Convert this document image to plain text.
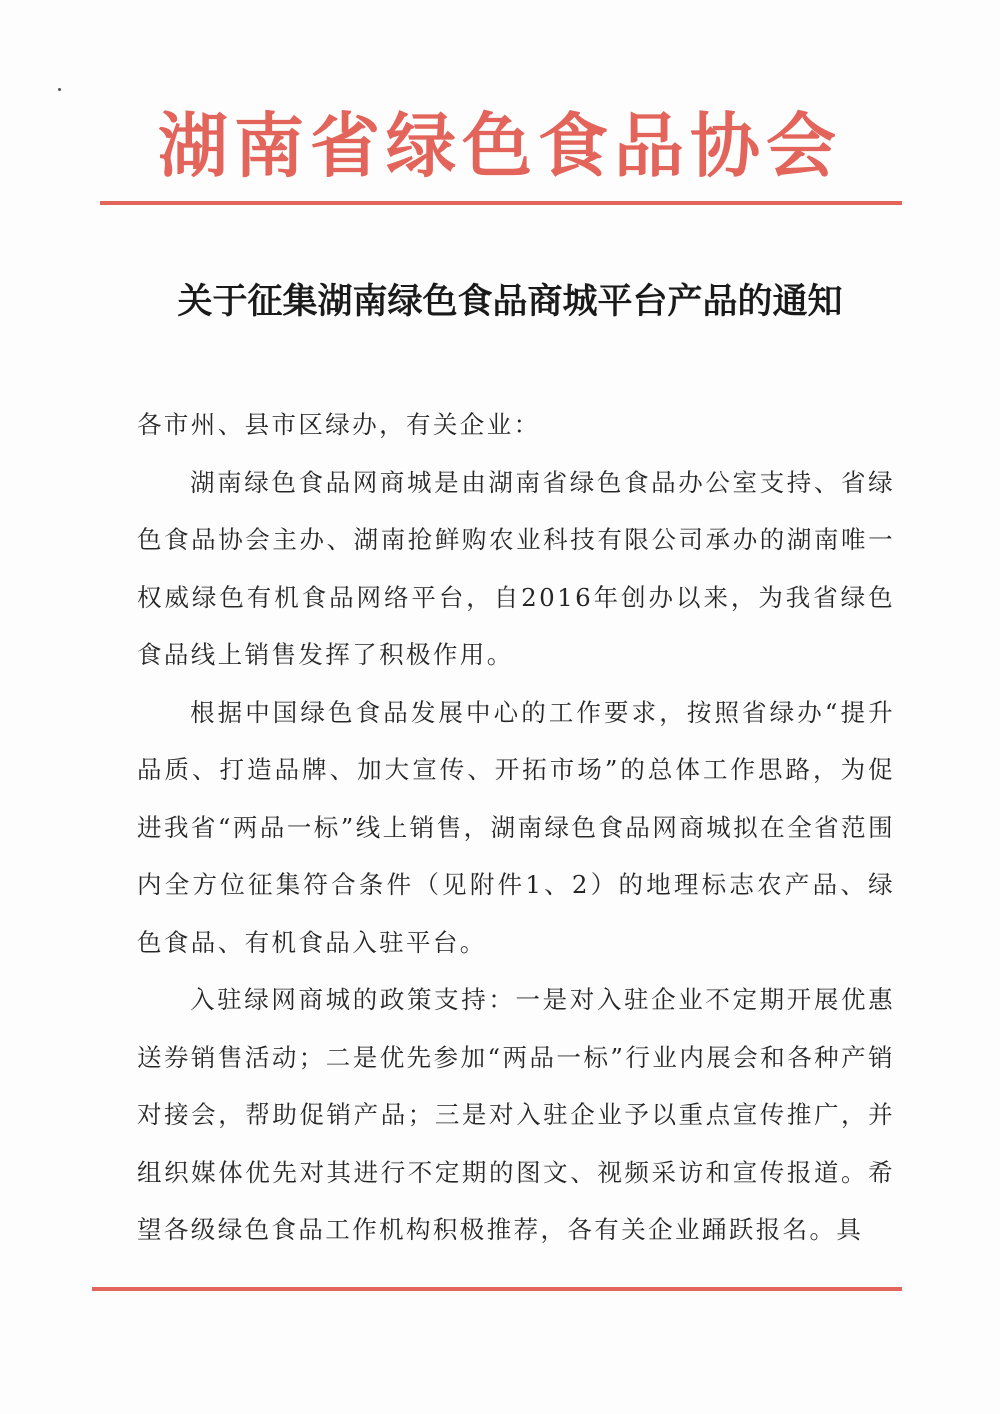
湖南省绿色食品协会
关于征集湖南绿色食品商城平台产品的通知

各市州、县市区绿办，有关企业：

湖南绿色食品网商城是由湖南省绿色食品办公室支持、省绿色食品协会主办、湖南抢鲜购农业科技有限公司承办的湖南唯一权威绿色有机食品网络平台，自2016年创办以来，为我省绿色食品线上销售发挥了积极作用。

根据中国绿色食品发展中心的工作要求，按照省绿办“提升品质、打造品牌、加大宣传、开拓市场”的总体工作思路，为促进我省“两品一标”线上销售，湖南绿色食品网商城拟在全省范围内全方位征集符合条件（见附件1、2）的地理标志农产品、绿色食品、有机食品入驻平台。

入驻绿网商城的政策支持：一是对入驻企业不定期开展优惠送券销售活动；二是优先参加“两品一标”行业内展会和各种产销对接会，帮助促销产品；三是对入驻企业予以重点宣传推广，并组织媒体优先对其进行不定期的图文、视频采访和宣传报道。希望各级绿色食品工作机构积极推荐，各有关企业踊跃报名。具
